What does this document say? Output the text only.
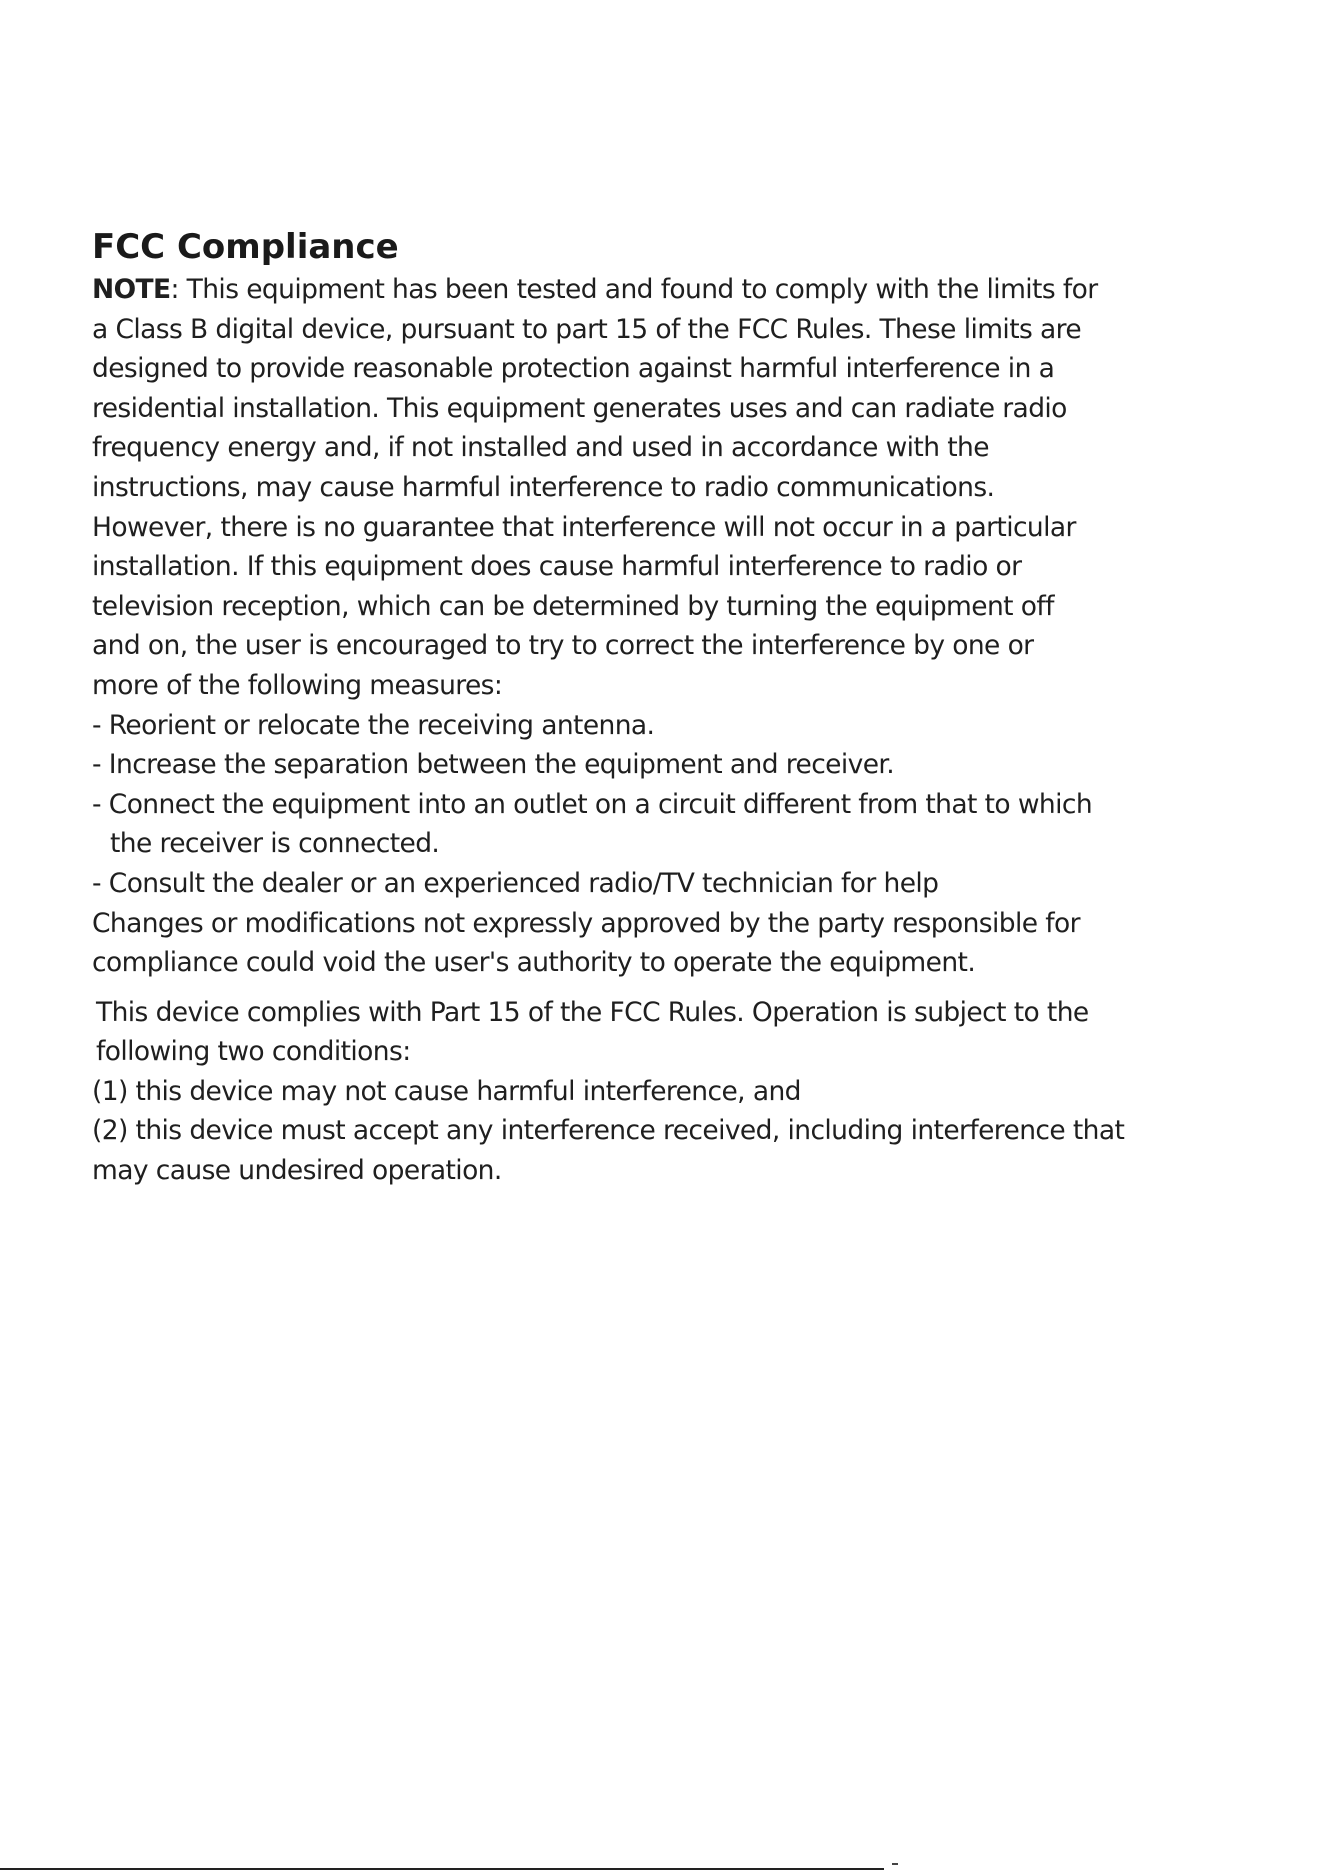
FCC Compliance
NOTE: This equipment has been tested and found to comply with the limits for
a Class B digital device, pursuant to part 15 of the FCC Rules. These limits are
designed to provide reasonable protection against harmful interference in a
residential installation. This equipment generates uses and can radiate radio
frequency energy and, if not installed and used in accordance with the
instructions, may cause harmful interference to radio communications.
However, there is no guarantee that interference will not occur in a particular
installation. If this equipment does cause harmful interference to radio or
television reception, which can be determined by turning the equipment off
and on, the user is encouraged to try to correct the interference by one or
more of the following measures:
- Reorient or relocate the receiving antenna.
- Increase the separation between the equipment and receiver.
- Connect the equipment into an outlet on a circuit different from that to which
the receiver is connected.
- Consult the dealer or an experienced radio/TV technician for help
Changes or modifications not expressly approved by the party responsible for
compliance could void the user's authority to operate the equipment.
This device complies with Part 15 of the FCC Rules. Operation is subject to the
following two conditions:
(1) this device may not cause harmful interference, and
(2) this device must accept any interference received, including interference that
may cause undesired operation.
